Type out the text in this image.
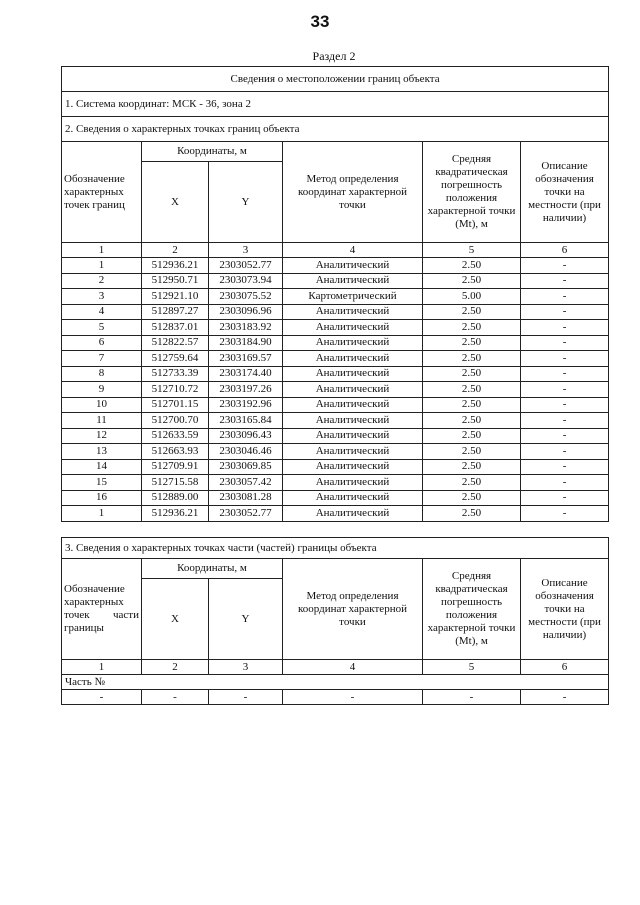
33
Раздел 2
Сведения о местоположении границ объекта					
1. Система координат: МСК - 36, зона 2					
2. Сведения о характерных точках границ объекта					
Обозначение характерных точек границ	Координаты, м		Метод определения координат характерной точки	Средняя квадратическая погрешность положения характерной точки (Mt), м	Описание обозначения точки на местности (при наличии)
	X	Y			
1	2	3	4	5	6
1	512936.21	2303052.77	Аналитический	2.50	-
2	512950.71	2303073.94	Аналитический	2.50	-
3	512921.10	2303075.52	Картометрический	5.00	-
4	512897.27	2303096.96	Аналитический	2.50	-
5	512837.01	2303183.92	Аналитический	2.50	-
6	512822.57	2303184.90	Аналитический	2.50	-
7	512759.64	2303169.57	Аналитический	2.50	-
8	512733.39	2303174.40	Аналитический	2.50	-
9	512710.72	2303197.26	Аналитический	2.50	-
10	512701.15	2303192.96	Аналитический	2.50	-
11	512700.70	2303165.84	Аналитический	2.50	-
12	512633.59	2303096.43	Аналитический	2.50	-
13	512663.93	2303046.46	Аналитический	2.50	-
14	512709.91	2303069.85	Аналитический	2.50	-
15	512715.58	2303057.42	Аналитический	2.50	-
16	512889.00	2303081.28	Аналитический	2.50	-
1	512936.21	2303052.77	Аналитический	2.50	-
3. Сведения о характерных точках части (частей) границы объекта					
Обозначение характерных точек части границы	Координаты, м		Метод определения координат характерной точки	Средняя квадратическая погрешность положения характерной точки (Mt), м	Описание обозначения точки на местности (при наличии)
	X	Y			
1	2	3	4	5	6
Часть №					
-	-	-	-	-	-
